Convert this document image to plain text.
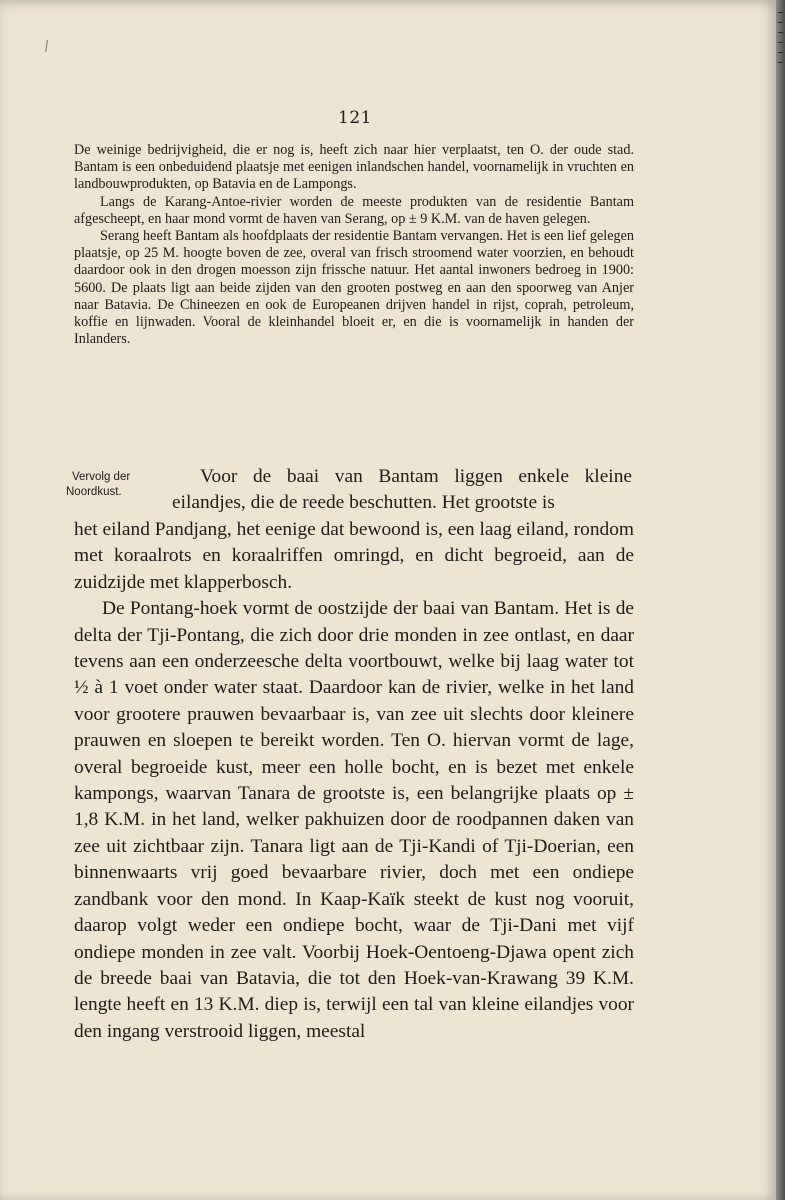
121

De weinige bedrijvigheid, die er nog is, heeft zich naar hier verplaatst, ten O. der oude stad. Bantam is een onbeduidend plaatsje met eenigen inlandschen handel, voornamelijk in vruchten en landbouwprodukten, op Batavia en de Lampongs.

Langs de Karang-Antoe-rivier worden de meeste produkten van de residentie Bantam afgescheept, en haar mond vormt de haven van Serang, op ± 9 K.M. van de haven gelegen.

Serang heeft Bantam als hoofdplaats der residentie Bantam vervangen. Het is een lief gelegen plaatsje, op 25 M. hoogte boven de zee, overal van frisch stroomend water voorzien, en behoudt daardoor ook in den drogen moesson zijn frissche natuur. Het aantal inwoners bedroeg in 1900: 5600. De plaats ligt aan beide zijden van den grooten postweg en aan den spoorweg van Anjer naar Batavia. De Chineezen en ook de Europeanen drijven handel in rijst, coprah, petroleum, koffie en lijnwaden. Vooral de kleinhandel bloeit er, en die is voornamelijk in handen der Inlanders.

Vervolg der
Noordkust.

Voor de baai van Bantam liggen enkele kleine eilandjes, die de reede beschutten. Het grootste is

het eiland Pandjang, het eenige dat bewoond is, een laag eiland, rondom met koraalrots en koraalriffen omringd, en dicht begroeid, aan de zuidzijde met klapperbosch.

De Pontang-hoek vormt de oostzijde der baai van Bantam. Het is de delta der Tji-Pontang, die zich door drie monden in zee ontlast, en daar tevens aan een onderzeesche delta voortbouwt, welke bij laag water tot ½ à 1 voet onder water staat. Daardoor kan de rivier, welke in het land voor grootere prauwen bevaarbaar is, van zee uit slechts door kleinere prauwen en sloepen te bereikt worden. Ten O. hiervan vormt de lage, overal begroeide kust, meer een holle bocht, en is bezet met enkele kampongs, waarvan Tanara de grootste is, een belangrijke plaats op ± 1,8 K.M. in het land, welker pakhuizen door de roodpannen daken van zee uit zichtbaar zijn. Tanara ligt aan de Tji-Kandi of Tji-Doerian, een binnenwaarts vrij goed bevaarbare rivier, doch met een ondiepe zandbank voor den mond. In Kaap-Kaïk steekt de kust nog vooruit, daarop volgt weder een ondiepe bocht, waar de Tji-Dani met vijf ondiepe monden in zee valt. Voorbij Hoek-Oentoeng-Djawa opent zich de breede baai van Batavia, die tot den Hoek-van-Krawang 39 K.M. lengte heeft en 13 K.M. diep is, terwijl een tal van kleine eilandjes voor den ingang verstrooid liggen, meestal
